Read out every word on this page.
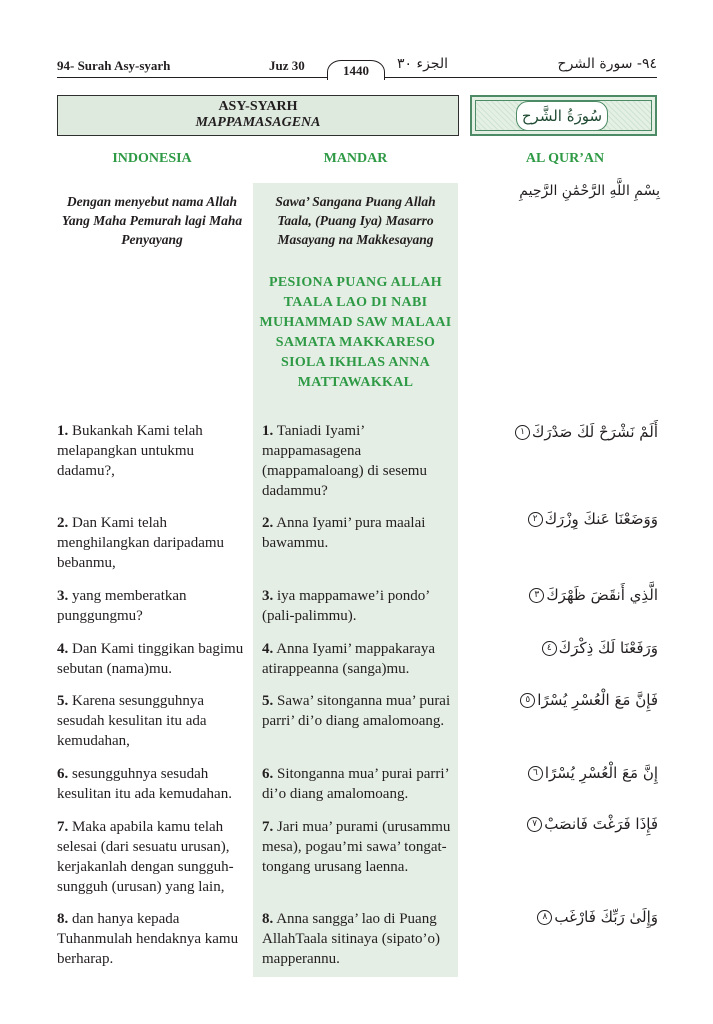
94- Surah Asy-syarh	Juz 30	الجزء ٣٠	٩٤- سورة الشرح
1440
ASY-SYARH
MAPPAMASAGENA	سُورَةُ الشَّرح
INDONESIA	MANDAR	AL QUR’AN
Dengan menyebut nama Allah Yang Maha Pemurah lagi Maha Penyayang
Sawa’ Sangana Puang Allah Taala, (Puang Iya) Masarro Masayang na Makkesayang
بِسْمِ اللَّهِ الرَّحْمَٰنِ الرَّحِيمِ
PESIONA PUANG ALLAH TAALA LAO DI NABI MUHAMMAD SAW MALAAI SAMATA MAKKARESO SIOLA IKHLAS ANNA MATTAWAKKAL
1. Bukankah Kami telah melapangkan untukmu dadamu?,
1. Taniadi Iyami’ mappamasagena (mappamaloang) di sesemu dadammu?
أَلَمْ نَشْرَحْ لَكَ صَدْرَكَ١
2. Dan Kami telah menghilangkan daripadamu bebanmu,
2. Anna Iyami’ pura maalai bawammu.
وَوَضَعْنَا عَنكَ وِزْرَكَ٢
3. yang memberatkan punggungmu?
3. iya mappamawe’i pondo’ (pali-palimmu).
الَّذِي أَنقَضَ ظَهْرَكَ٣
4. Dan Kami tinggikan bagimu sebutan (nama)mu.
4. Anna Iyami’ mappakaraya atirappeanna (sanga)mu.
وَرَفَعْنَا لَكَ ذِكْرَكَ٤
5. Karena sesungguhnya sesudah kesulitan itu ada kemudahan,
5. Sawa’ sitonganna mua’ purai parri’ di’o diang amalomoang.
فَإِنَّ مَعَ الْعُسْرِ يُسْرًا٥
6. sesungguhnya sesudah kesulitan itu ada kemudahan.
6. Sitonganna mua’ purai parri’ di’o diang amalomoang.
إِنَّ مَعَ الْعُسْرِ يُسْرًا٦
7. Maka apabila kamu telah selesai (dari sesuatu urusan), kerjakanlah dengan sungguh-sungguh (urusan) yang lain,
7. Jari mua’ purami (urusammu mesa), pogau’mi sawa’ tongat-tongang urusang laenna.
فَإِذَا فَرَغْتَ فَانصَبْ٧
8. dan hanya kepada Tuhanmulah hendaknya kamu berharap.
8. Anna sangga’ lao di Puang AllahTaala sitinaya (sipato’o) mapperannu.
وَإِلَىٰ رَبِّكَ فَارْغَب٨
